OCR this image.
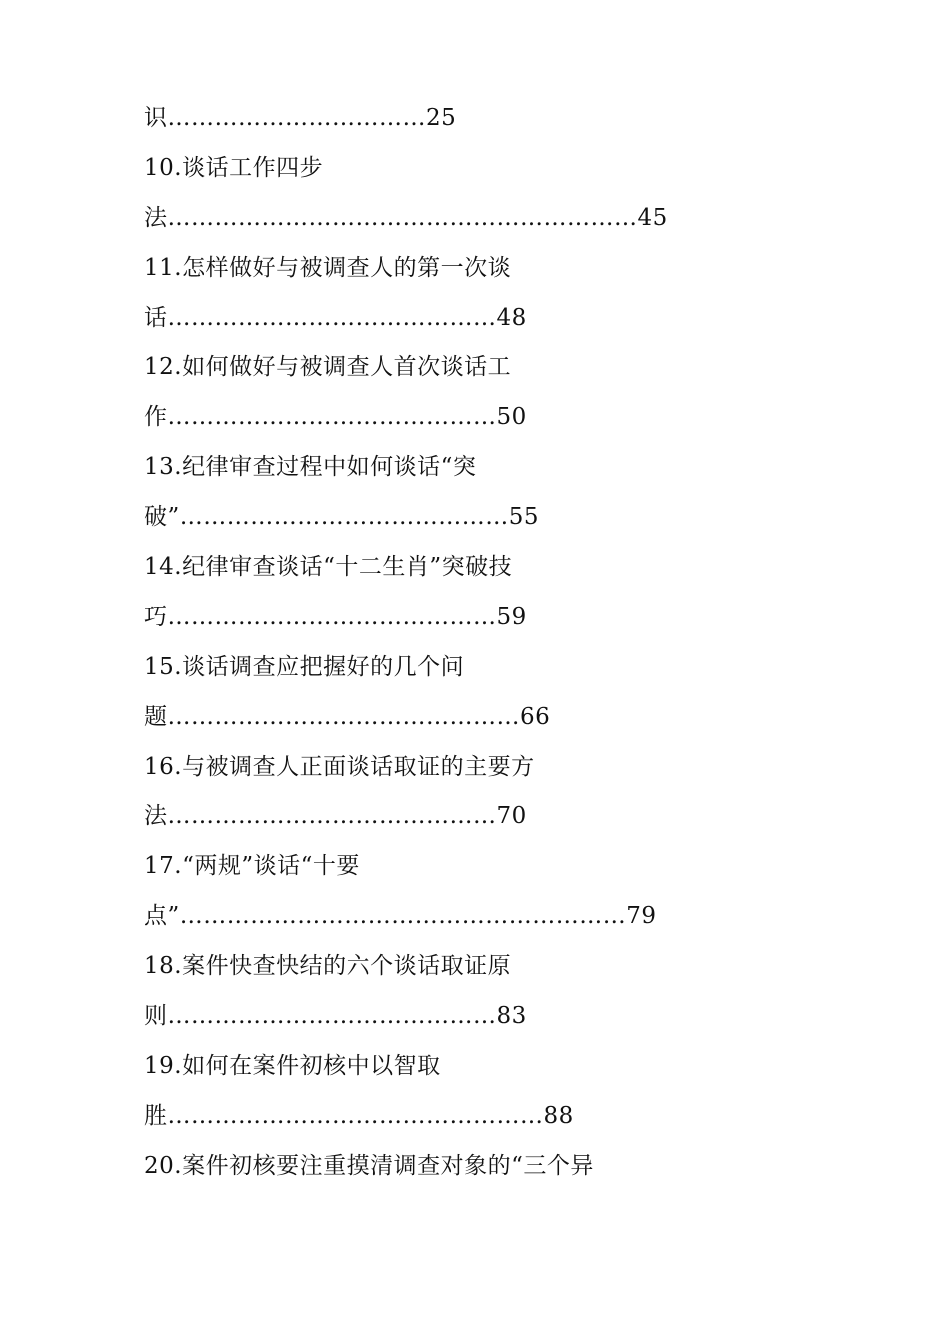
识……………………………25
10.谈话工作四步
法……………………………………………………45
11.怎样做好与被调查人的第一次谈
话……………………………………48
12.如何做好与被调查人首次谈话工
作……………………………………50
13.纪律审查过程中如何谈话“突
破”……………………………………55
14.纪律审查谈话“十二生肖”突破技
巧……………………………………59
15.谈话调查应把握好的几个问
题………………………………………66
16.与被调查人正面谈话取证的主要方
法……………………………………70
17.“两规”谈话“十要
点”…………………………………………………79
18.案件快查快结的六个谈话取证原
则……………………………………83
19.如何在案件初核中以智取
胜…………………………………………88
20.案件初核要注重摸清调查对象的“三个异
